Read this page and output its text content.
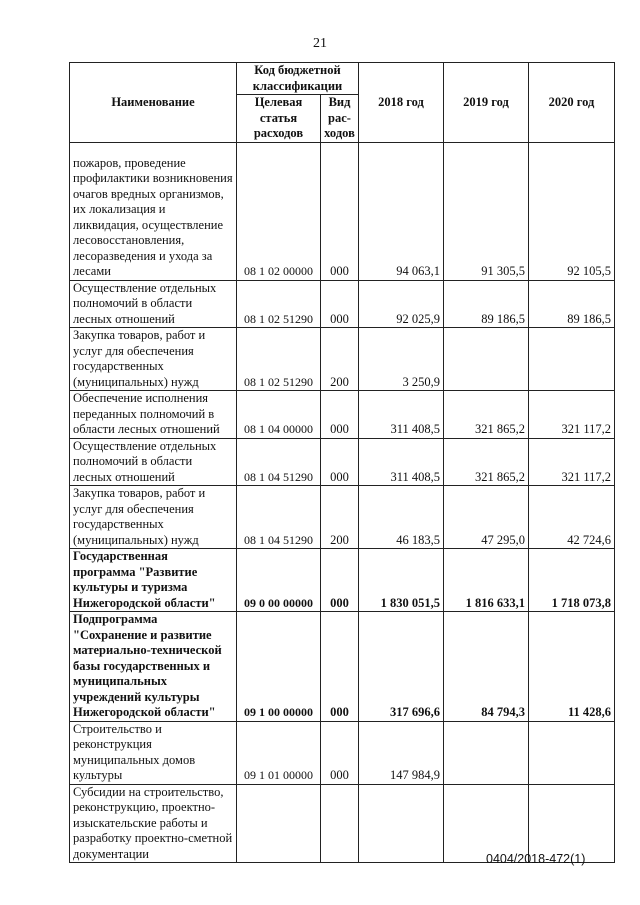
21
Наименование	Код бюджетной классификации		2018 год	2019 год	2020 год
	Целевая статья расходов	Вид рас-ходов			
пожаров, проведение профилактики возникновения очагов вредных организмов, их локализация и ликвидация, осуществление лесовосстановления, лесоразведения и ухода за лесами	08 1 02 00000	000	94 063,1	91 305,5	92 105,5
Осуществление отдельных полномочий в области лесных отношений	08 1 02 51290	000	92 025,9	89 186,5	89 186,5
Закупка товаров, работ и услуг для обеспечения государственных (муниципальных) нужд	08 1 02 51290	200	3 250,9		
Обеспечение исполнения переданных полномочий в области лесных отношений	08 1 04 00000	000	311 408,5	321 865,2	321 117,2
Осуществление отдельных полномочий в области лесных отношений	08 1 04 51290	000	311 408,5	321 865,2	321 117,2
Закупка товаров, работ и услуг для обеспечения государственных (муниципальных) нужд	08 1 04 51290	200	46 183,5	47 295,0	42 724,6
Государственная программа "Развитие культуры и туризма Нижегородской области"	09 0 00 00000	000	1 830 051,5	1 816 633,1	1 718 073,8
Подпрограмма "Сохранение и развитие материально-технической базы государственных и муниципальных учреждений культуры Нижегородской области"	09 1 00 00000	000	317 696,6	84 794,3	11 428,6
Строительство и реконструкция муниципальных домов культуры	09 1 01 00000	000	147 984,9		
Субсидии на строительство, реконструкцию, проектно-изыскательские работы и разработку проектно-сметной документации						0404/2018-472(1)
